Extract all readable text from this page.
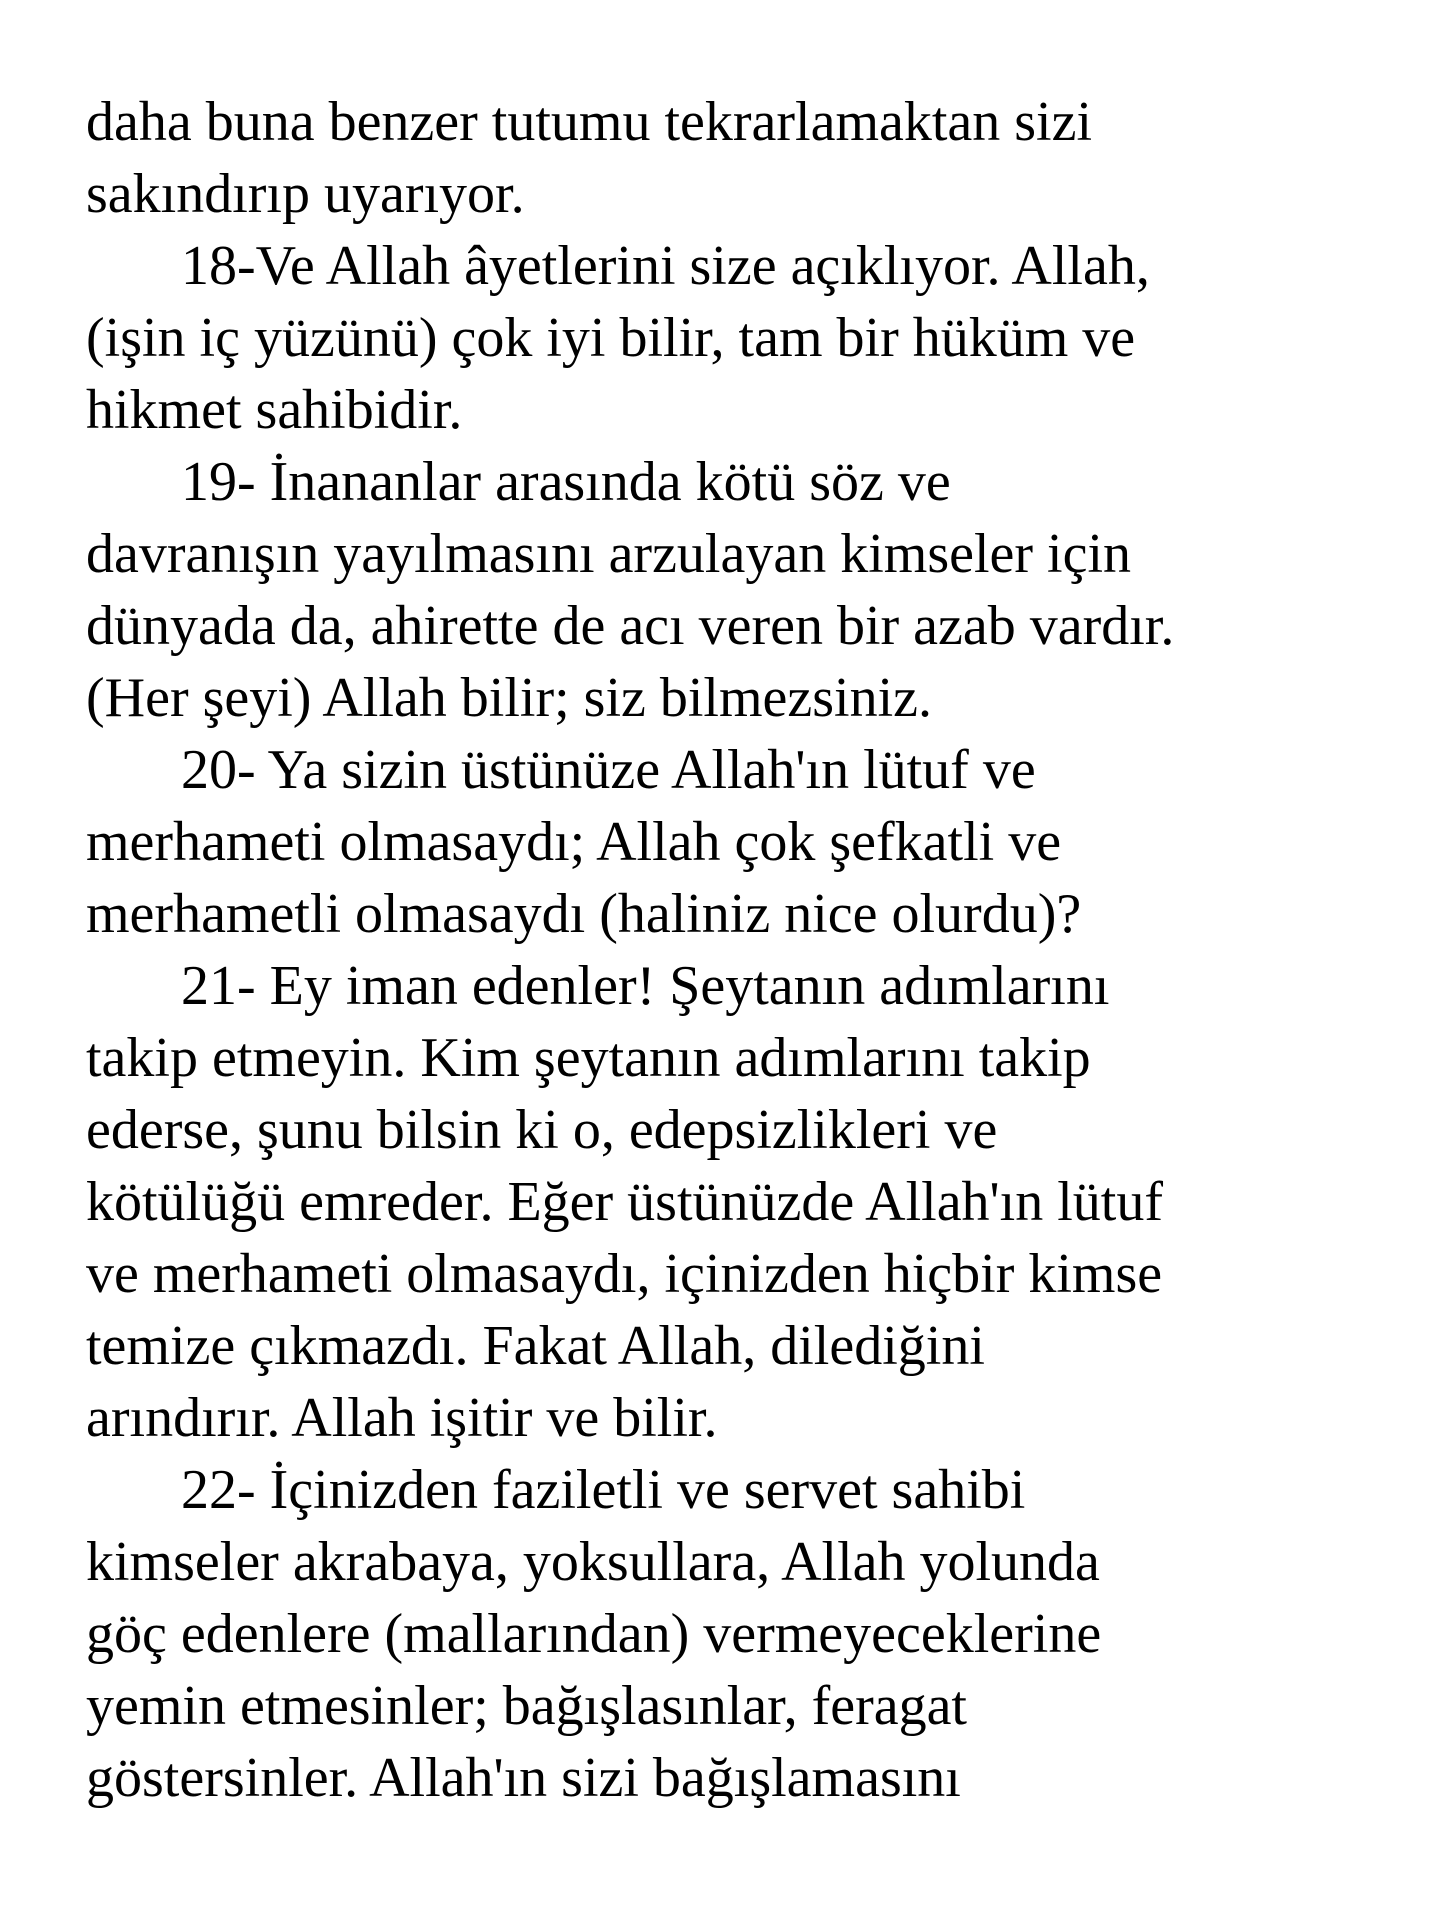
daha buna benzer tutumu tekrarlamaktan sizi
sakındırıp uyarıyor.
18-Ve Allah âyetlerini size açıklıyor. Allah,
(işin iç yüzünü) çok iyi bilir, tam bir hüküm ve
hikmet sahibidir.
19- İnananlar arasında kötü söz ve
davranışın yayılmasını arzulayan kimseler için
dünyada da, ahirette de acı veren bir azab vardır.
(Her şeyi) Allah bilir; siz bilmezsiniz.
20- Ya sizin üstünüze Allah'ın lütuf ve
merhameti olmasaydı; Allah çok şefkatli ve
merhametli olmasaydı (haliniz nice olurdu)?
21- Ey iman edenler! Şeytanın adımlarını
takip etmeyin. Kim şeytanın adımlarını takip
ederse, şunu bilsin ki o, edepsizlikleri ve
kötülüğü emreder. Eğer üstünüzde Allah'ın lütuf
ve merhameti olmasaydı, içinizden hiçbir kimse
temize çıkmazdı. Fakat Allah, dilediğini
arındırır. Allah işitir ve bilir.
22- İçinizden faziletli ve servet sahibi
kimseler akrabaya, yoksullara, Allah yolunda
göç edenlere (mallarından) vermeyeceklerine
yemin etmesinler; bağışlasınlar, feragat
göstersinler. Allah'ın sizi bağışlamasını
